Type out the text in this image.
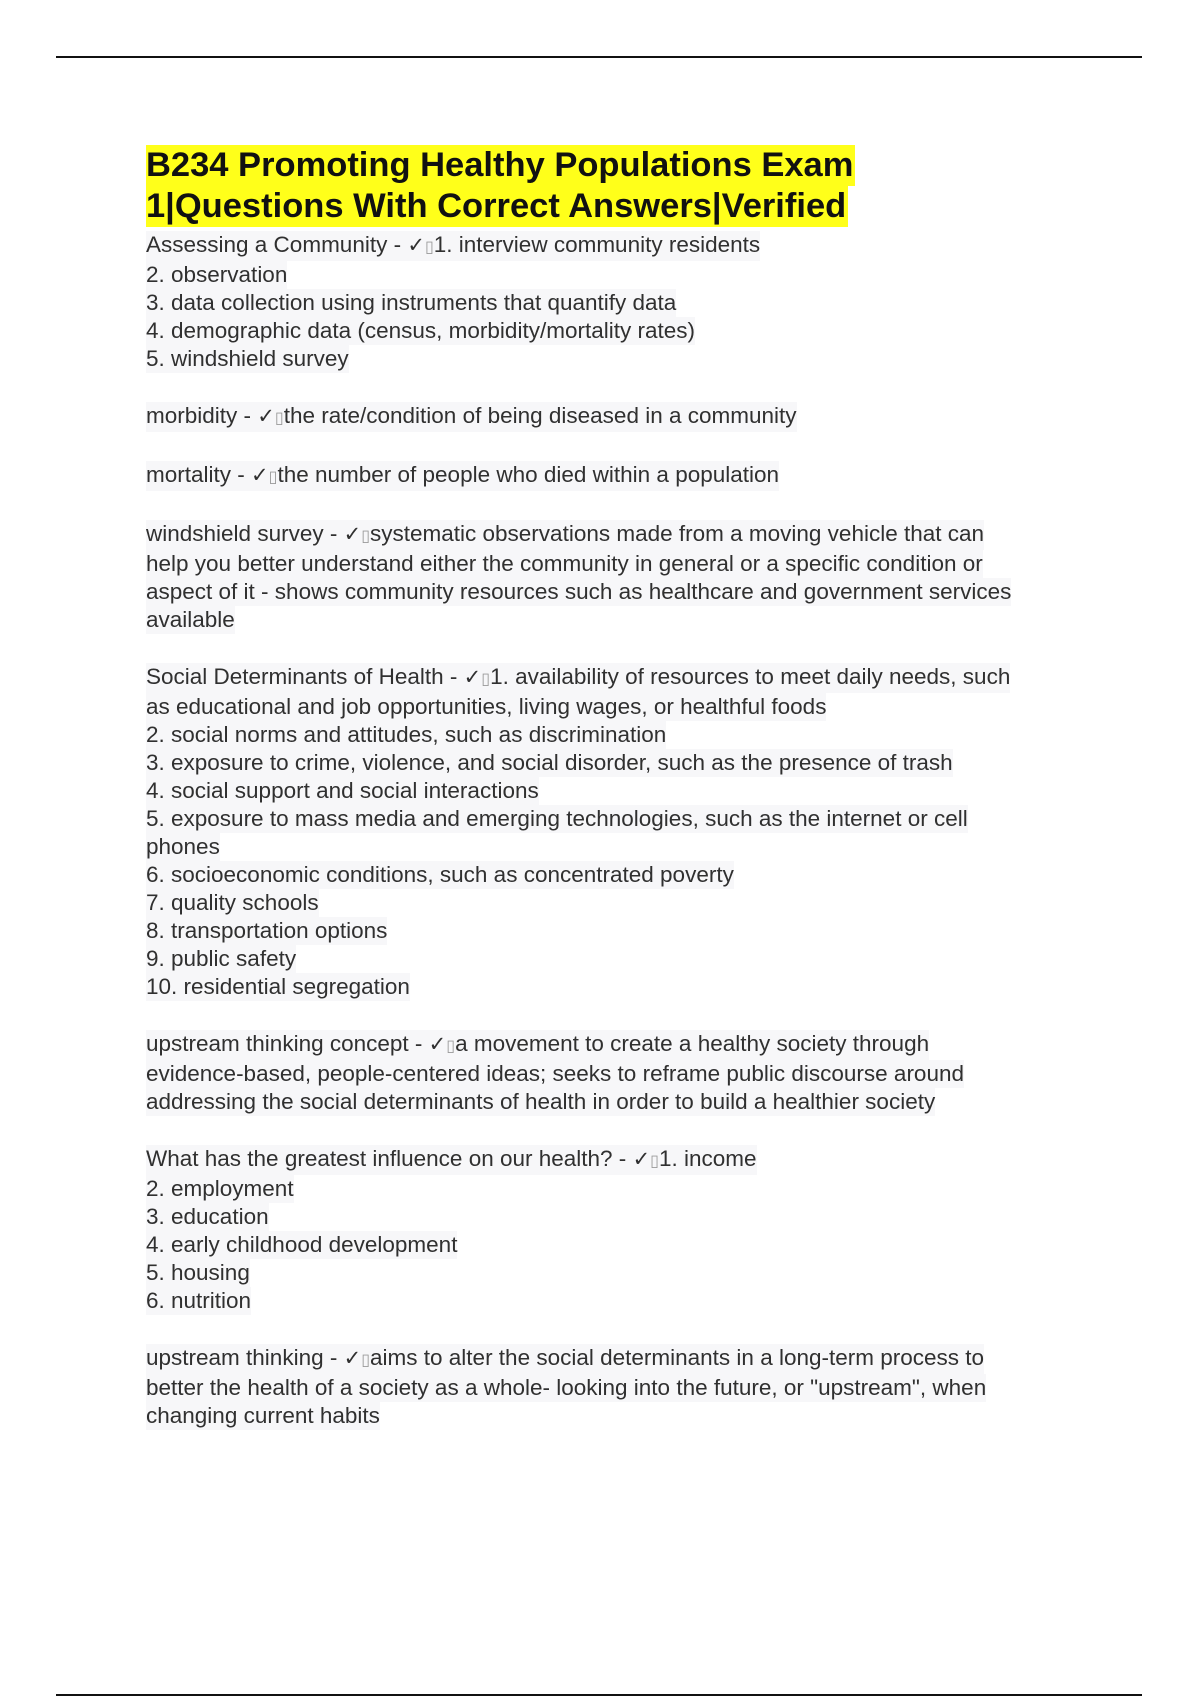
B234 Promoting Healthy Populations Exam
1|Questions With Correct Answers|Verified
Assessing a Community - ✓▯1. interview community residents
2. observation
3. data collection using instruments that quantify data
4. demographic data (census, morbidity/mortality rates)
5. windshield survey
morbidity - ✓▯the rate/condition of being diseased in a community
mortality - ✓▯the number of people who died within a population
windshield survey - ✓▯systematic observations made from a moving vehicle that can
help you better understand either the community in general or a specific condition or
aspect of it - shows community resources such as healthcare and government services
available
Social Determinants of Health - ✓▯1. availability of resources to meet daily needs, such
as educational and job opportunities, living wages, or healthful foods
2. social norms and attitudes, such as discrimination
3. exposure to crime, violence, and social disorder, such as the presence of trash
4. social support and social interactions
5. exposure to mass media and emerging technologies, such as the internet or cell
phones
6. socioeconomic conditions, such as concentrated poverty
7. quality schools
8. transportation options
9. public safety
10. residential segregation
upstream thinking concept - ✓▯a movement to create a healthy society through
evidence-based, people-centered ideas; seeks to reframe public discourse around
addressing the social determinants of health in order to build a healthier society
What has the greatest influence on our health? - ✓▯1. income
2. employment
3. education
4. early childhood development
5. housing
6. nutrition
upstream thinking - ✓▯aims to alter the social determinants in a long-term process to
better the health of a society as a whole- looking into the future, or "upstream", when
changing current habits
